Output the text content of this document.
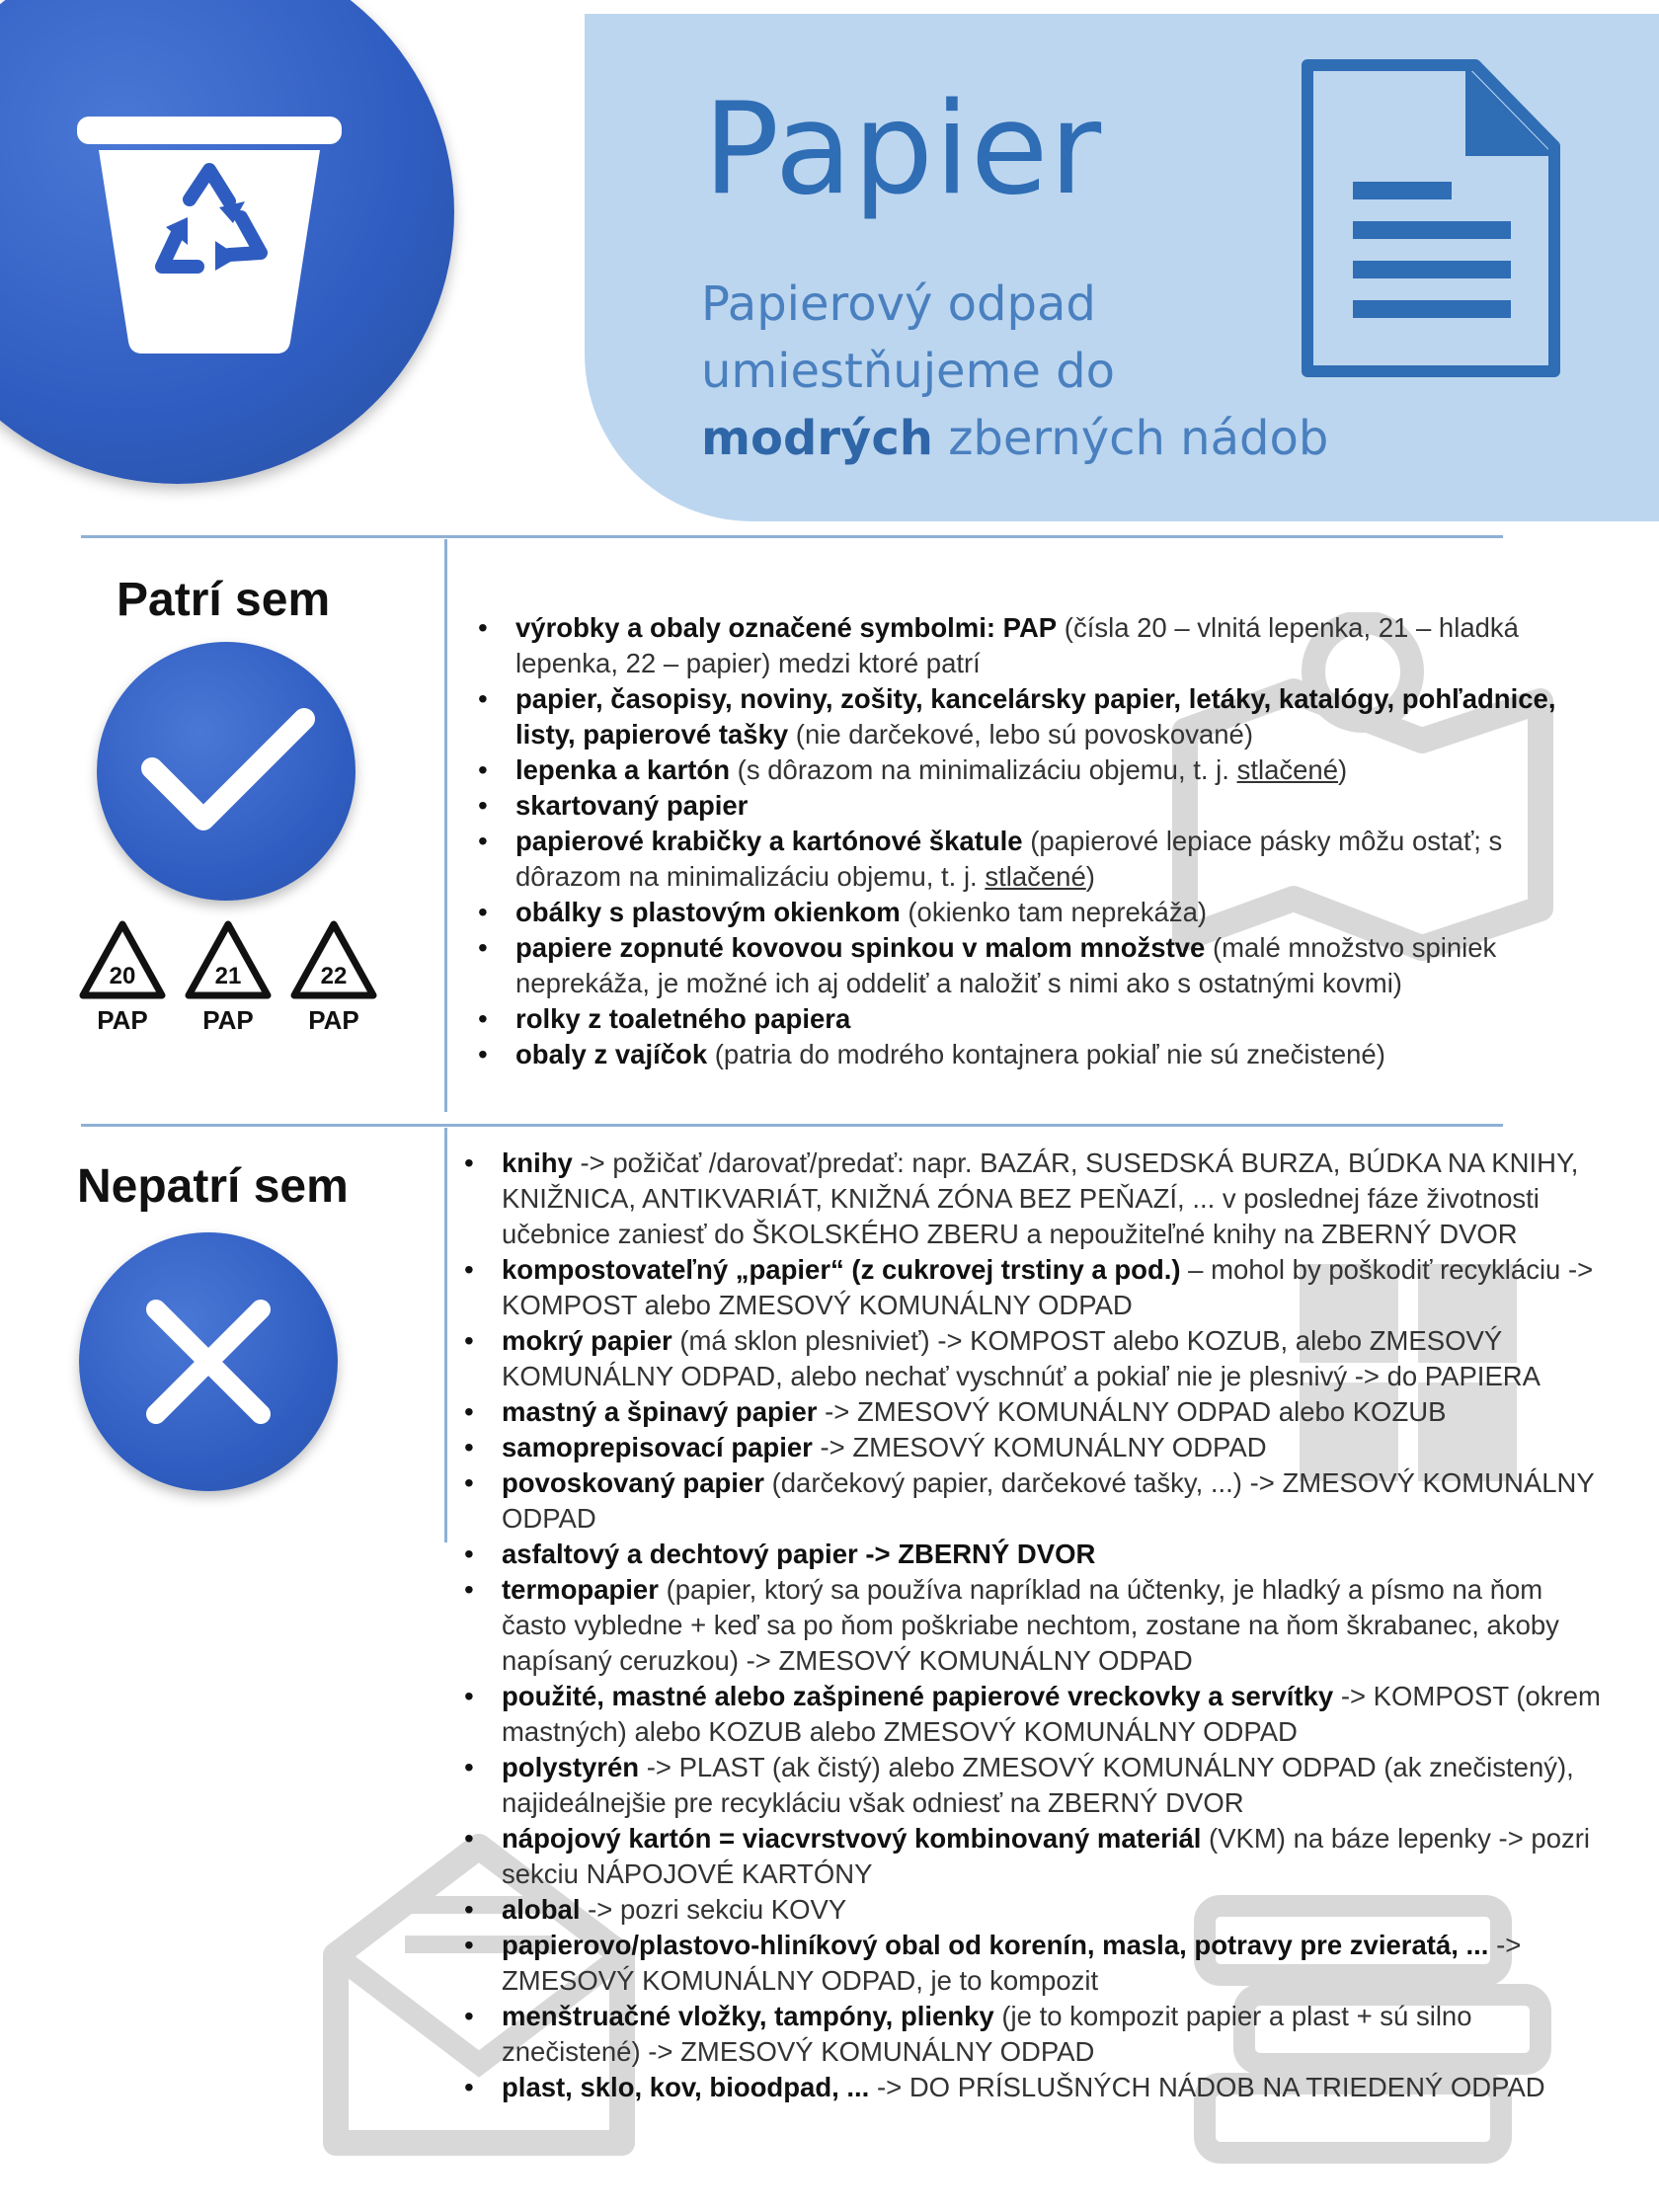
Papier
Papierový odpad
umiestňujeme do
modrých zberných nádob
Patrí sem
20	21	22
PAP	PAP	PAP
• výrobky a obaly označené symbolmi: PAP (čísla 20 – vlnitá lepenka, 21 – hladká lepenka, 22 – papier) medzi ktoré patrí
• papier, časopisy, noviny, zošity, kancelársky papier, letáky, katalógy, pohľadnice, listy, papierové tašky (nie darčekové, lebo sú povoskované)
• lepenka a kartón (s dôrazom na minimalizáciu objemu, t. j. stlačené)
• skartovaný papier
• papierové krabičky a kartónové škatule (papierové lepiace pásky môžu ostať; s dôrazom na minimalizáciu objemu, t. j. stlačené)
• obálky s plastovým okienkom (okienko tam neprekáža)
• papiere zopnuté kovovou spinkou v malom množstve (malé množstvo spiniek neprekáža, je možné ich aj oddeliť a naložiť s nimi ako s ostatnými kovmi)
• rolky z toaletného papiera
• obaly z vajíčok (patria do modrého kontajnera pokiaľ nie sú znečistené)
Nepatrí sem
•	knihy -> požičať /darovať/predať: napr. BAZÁR, SUSEDSKÁ BURZA, BÚDKA NA KNIHY, KNIŽNICA, ANTIKVARIÁT, KNIŽNÁ ZÓNA BEZ PEŇAZÍ, ... v poslednej fáze životnosti učebnice zaniesť do ŠKOLSKÉHO ZBERU a nepoužiteľné knihy na ZBERNÝ DVOR
• kompostovateľný „papier“ (z cukrovej trstiny a pod.) – mohol by poškodiť recykláciu -> KOMPOST alebo ZMESOVÝ KOMUNÁLNY ODPAD
• mokrý papier (má sklon plesnivieť) -> KOMPOST alebo KOZUB, alebo ZMESOVÝ KOMUNÁLNY ODPAD, alebo nechať vyschnúť a pokiaľ nie je plesnivý -> do PAPIERA
• mastný a špinavý papier -> ZMESOVÝ KOMUNÁLNY ODPAD alebo KOZUB
• samoprepisovací papier -> ZMESOVÝ KOMUNÁLNY ODPAD
• povoskovaný papier (darčekový papier, darčekové tašky, ...) -> ZMESOVÝ KOMUNÁLNY ODPAD
• asfaltový a dechtový papier -> ZBERNÝ DVOR
• termopapier (papier, ktorý sa používa napríklad na účtenky, je hladký a písmo na ňom často vybledne + keď sa po ňom poškriabe nechtom, zostane na ňom škrabanec, akoby napísaný ceruzkou) -> ZMESOVÝ KOMUNÁLNY ODPAD
• použité, mastné alebo zašpinené papierové vreckovky a servítky -> KOMPOST (okrem mastných) alebo KOZUB alebo ZMESOVÝ KOMUNÁLNY ODPAD
• polystyrén -> PLAST (ak čistý) alebo ZMESOVÝ KOMUNÁLNY ODPAD (ak znečistený), najideálnejšie pre recykláciu však odniesť na ZBERNÝ DVOR
• nápojový kartón = viacvrstvový kombinovaný materiál (VKM) na báze lepenky -> pozri sekciu NÁPOJOVÉ KARTÓNY
• alobal -> pozri sekciu KOVY
• papierovo/plastovo-hliníkový obal od korenín, masla, potravy pre zvieratá, ... -> ZMESOVÝ KOMUNÁLNY ODPAD, je to kompozit
• menštruačné vložky, tampóny, plienky (je to kompozit papier a plast + sú silno znečistené) -> ZMESOVÝ KOMUNÁLNY ODPAD
• plast, sklo, kov, bioodpad, ... -> DO PRÍSLUŠNÝCH NÁDOB NA TRIEDENÝ ODPAD
